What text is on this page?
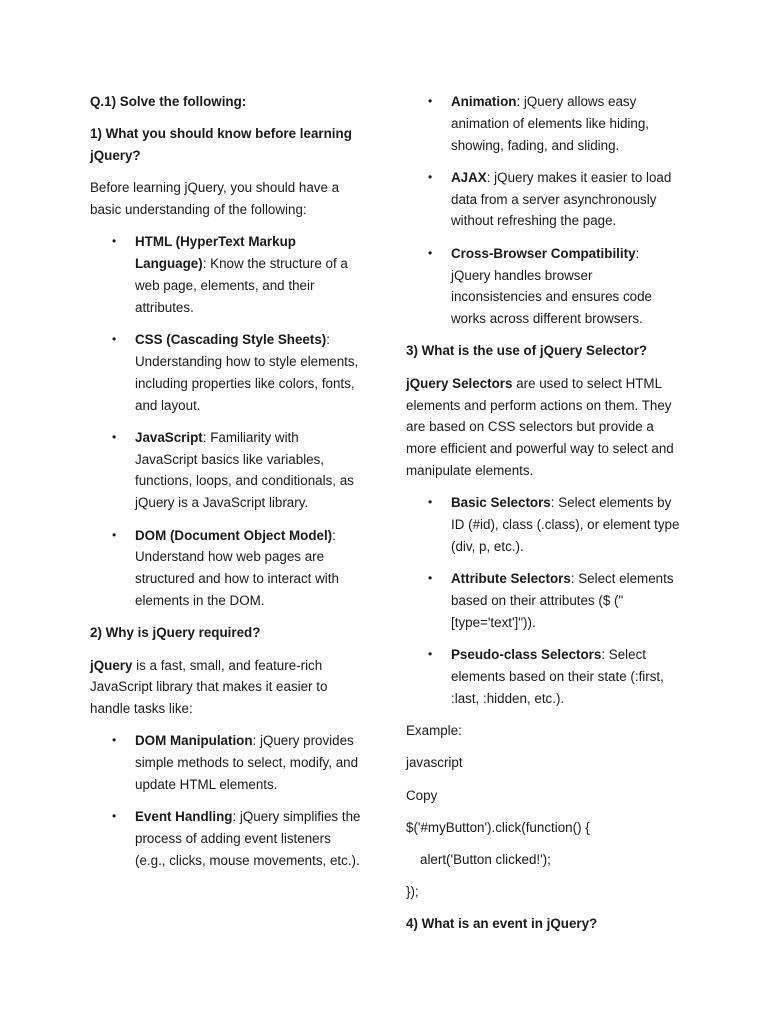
Q.1) Solve the following:
1) What you should know before learning jQuery?

Before learning jQuery, you should have a basic understanding of the following:

• HTML (HyperText Markup Language): Know the structure of a web page, elements, and their attributes.
• CSS (Cascading Style Sheets): Understanding how to style elements, including properties like colors, fonts, and layout.
• JavaScript: Familiarity with JavaScript basics like variables, functions, loops, and conditionals, as jQuery is a JavaScript library.
• DOM (Document Object Model): Understand how web pages are structured and how to interact with elements in the DOM.
2) Why is jQuery required?

jQuery is a fast, small, and feature-rich JavaScript library that makes it easier to handle tasks like:

• DOM Manipulation: jQuery provides simple methods to select, modify, and update HTML elements.
• Event Handling: jQuery simplifies the process of adding event listeners (e.g., clicks, mouse movements, etc.).
• Animation: jQuery allows easy animation of elements like hiding, showing, fading, and sliding.
• AJAX: jQuery makes it easier to load data from a server asynchronously without refreshing the page.
• Cross-Browser Compatibility: jQuery handles browser inconsistencies and ensures code works across different browsers.
3) What is the use of jQuery Selector?

jQuery Selectors are used to select HTML elements and perform actions on them. They are based on CSS selectors but provide a more efficient and powerful way to select and manipulate elements.

• Basic Selectors: Select elements by ID (#id), class (.class), or element type (div, p, etc.).
• Attribute Selectors: Select elements based on their attributes ($ ("[type='text']")).
• Pseudo-class Selectors: Select elements based on their state (:first, :last, :hidden, etc.).

Example:

javascript

Copy

$('#myButton').click(function() {
alert('Button clicked!');
});
4) What is an event in jQuery?
